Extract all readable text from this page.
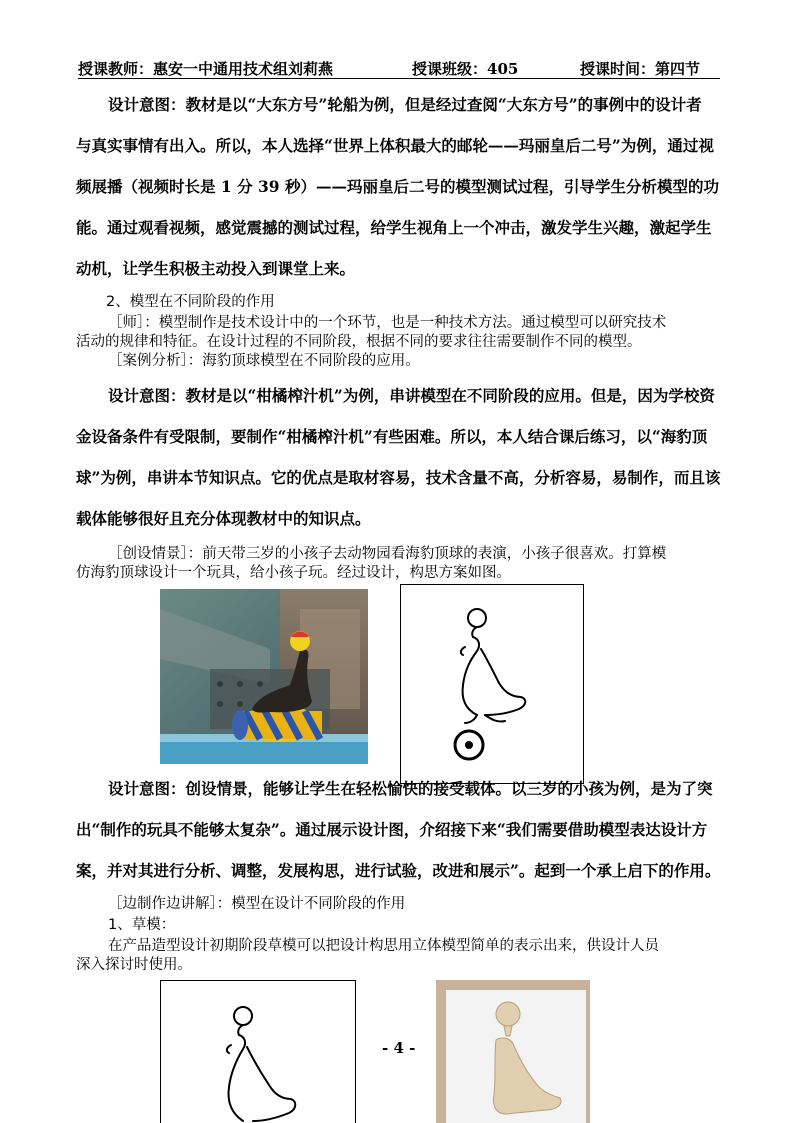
授课教师：惠安一中通用技术组刘莉燕	授课班级：405	授课时间：第四节
设计意图：教材是以“大东方号”轮船为例，但是经过查阅“大东方号”的事例中的设计者
与真实事情有出入。所以，本人选择“世界上体积最大的邮轮——玛丽皇后二号”为例，通过视
频展播（视频时长是 1 分 39 秒）——玛丽皇后二号的模型测试过程，引导学生分析模型的功
能。通过观看视频，感觉震撼的测试过程，给学生视角上一个冲击，激发学生兴趣，激起学生
动机，让学生积极主动投入到课堂上来。
2、模型在不同阶段的作用
［师］：模型制作是技术设计中的一个环节，也是一种技术方法。通过模型可以研究技术
活动的规律和特征。在设计过程的不同阶段，根据不同的要求往往需要制作不同的模型。
［案例分析］：海豹顶球模型在不同阶段的应用。
设计意图：教材是以“柑橘榨汁机”为例，串讲模型在不同阶段的应用。但是，因为学校资
金设备条件有受限制，要制作“柑橘榨汁机”有些困难。所以，本人结合课后练习，以“海豹顶
球”为例，串讲本节知识点。它的优点是取材容易，技术含量不高，分析容易，易制作，而且该
载体能够很好且充分体现教材中的知识点。
［创设情景］：前天带三岁的小孩子去动物园看海豹顶球的表演，小孩子很喜欢。打算模
仿海豹顶球设计一个玩具，给小孩子玩。经过设计，构思方案如图。
设计意图：创设情景，能够让学生在轻松愉快的接受载体。以三岁的小孩为例，是为了突
出“制作的玩具不能够太复杂”。通过展示设计图，介绍接下来“我们需要借助模型表达设计方
案，并对其进行分析、调整，发展构思，进行试验，改进和展示”。起到一个承上启下的作用。
［边制作边讲解］：模型在设计不同阶段的作用
1、草模：
在产品造型设计初期阶段草模可以把设计构思用立体模型简单的表示出来，供设计人员
深入探讨时使用。
- 4 -
